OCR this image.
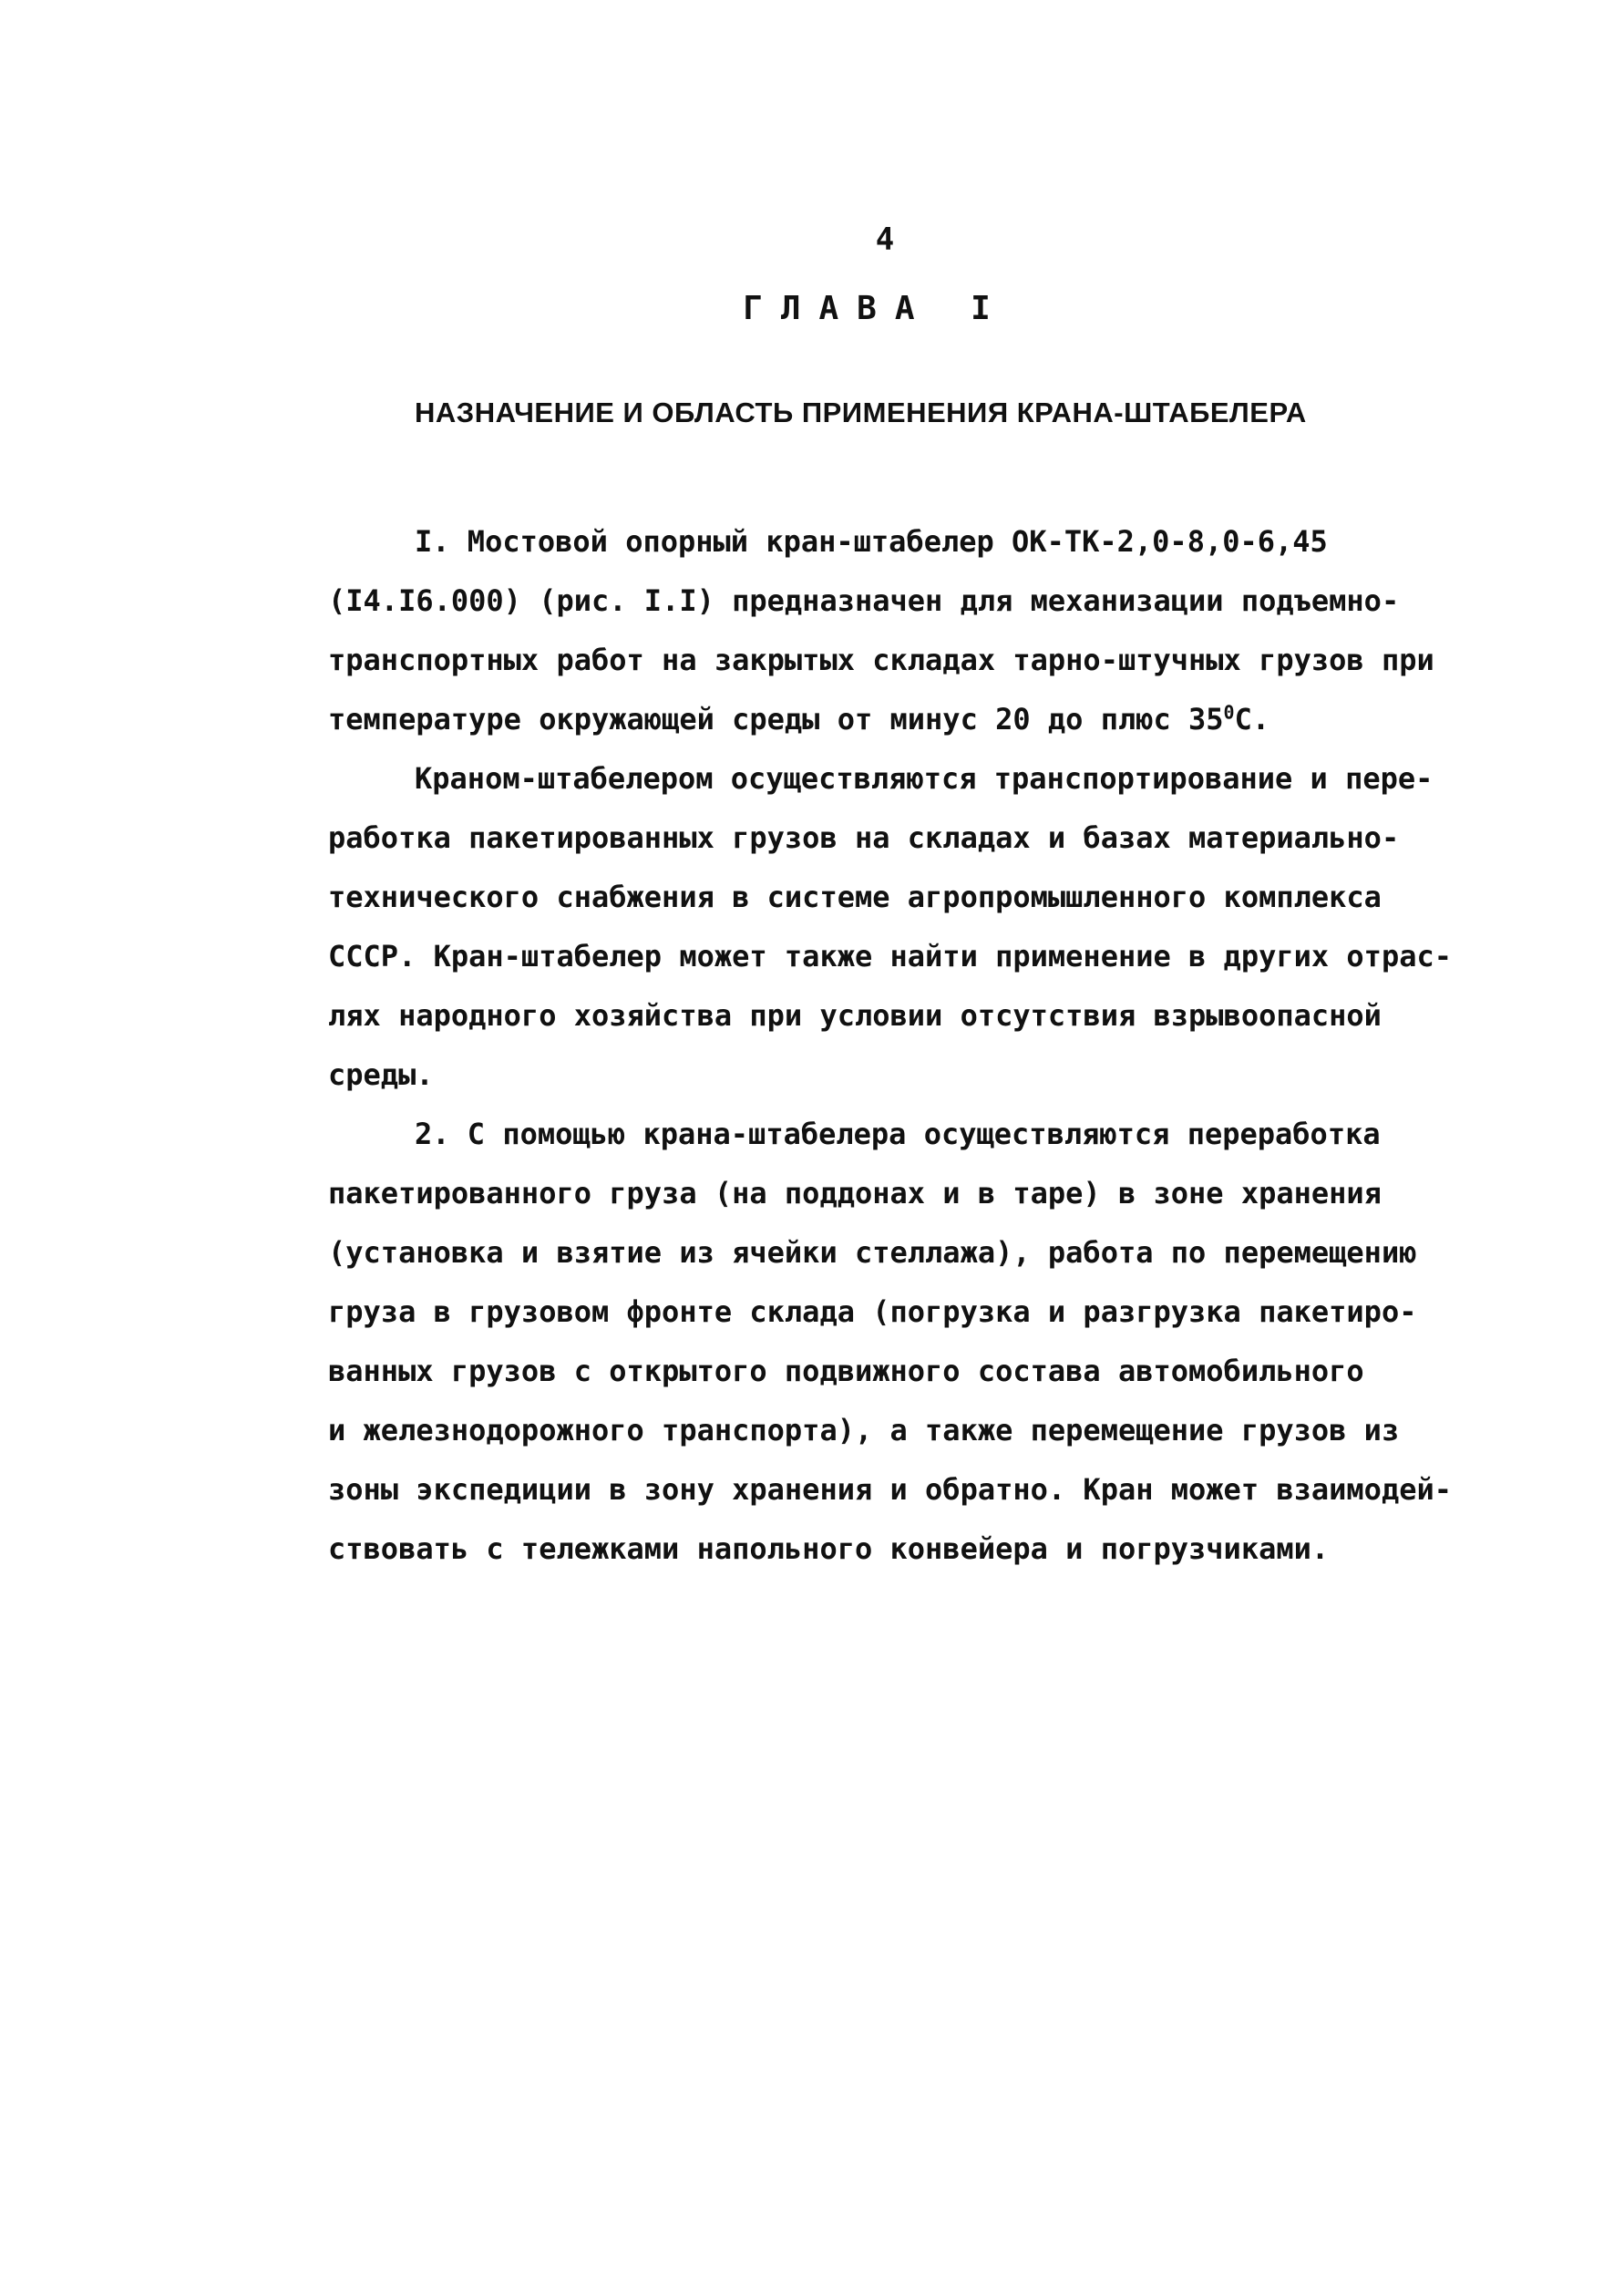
4
ГЛАВА I
НАЗНАЧЕНИЕ И ОБЛАСТЬ ПРИМЕНЕНИЯ КРАНА-ШТАБЕЛЕРА
I. Мостовой опорный кран-штабелер ОК-ТК-2,0-8,0-6,45
(I4.I6.000) (рис. I.I) предназначен для механизации подъемно-
транспортных работ на закрытых складах тарно-штучных грузов при
температуре окружающей среды от минус 20 до плюс $35^0C$.
Краном-штабелером осуществляются транспортирование и пере-
работка пакетированных грузов на складах и базах материально-
технического снабжения в системе агропромышленного комплекса
СССР. Кран-штабелер может также найти применение в других отрас-
лях народного хозяйства при условии отсутствия взрывоопасной
среды.
2. С помощью крана-штабелера осуществляются переработка
пакетированного груза (на поддонах и в таре) в зоне хранения
(установка и взятие из ячейки стеллажа), работа по перемещению
груза в грузовом фронте склада (погрузка и разгрузка пакетиро-
ванных грузов с открытого подвижного состава автомобильного
и железнодорожного транспорта), а также перемещение грузов из
зоны экспедиции в зону хранения и обратно. Кран может взаимодей-
ствовать с тележками напольного конвейера и погрузчиками.
